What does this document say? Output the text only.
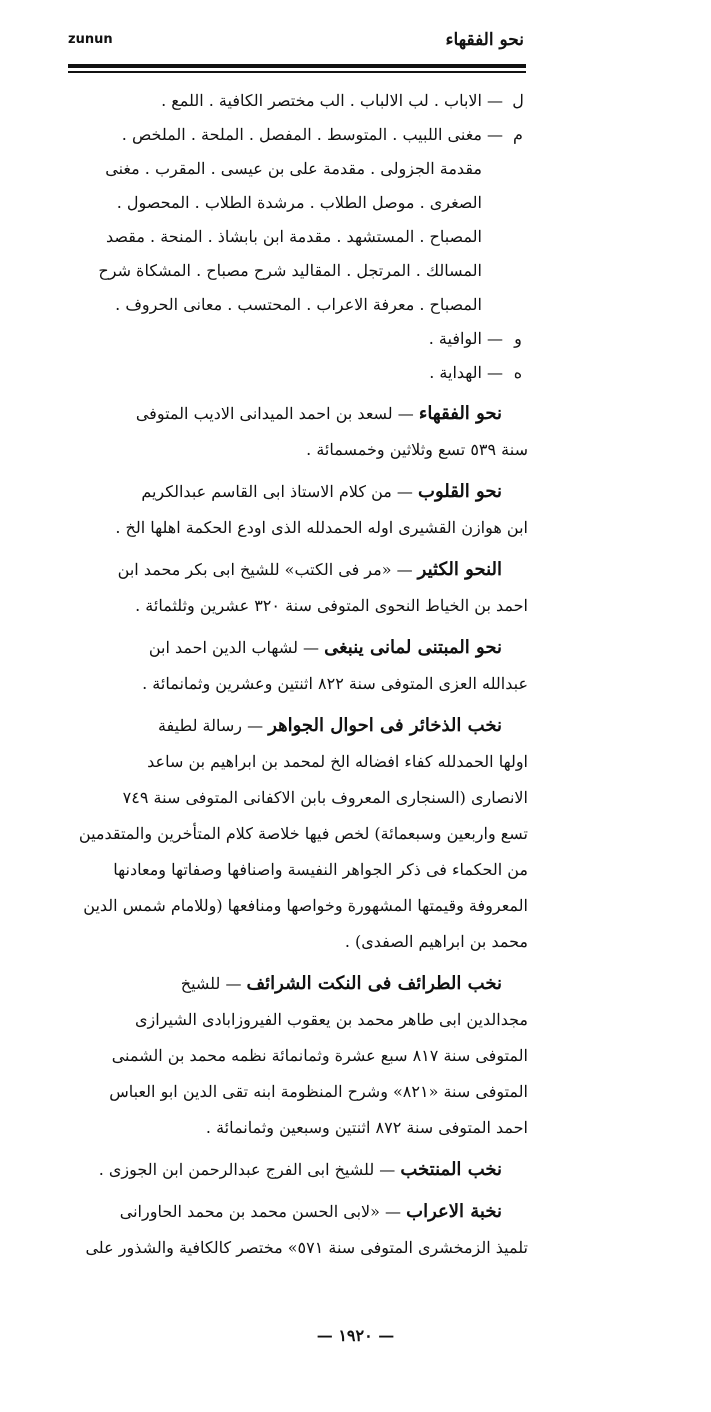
zunun	نحو الفقهاء
ل
—
الاباب . لب الالباب . الب مختصر الكافية . اللمع .
م
—
مغنى اللبيب . المتوسط . المفصل . الملحة . الملخص .
مقدمة الجزولى . مقدمة على بن عيسى . المقرب . مغنى
الصغرى . موصل الطلاب . مرشدة الطلاب . المحصول .
المصباح . المستشهد . مقدمة ابن بابشاذ . المنحة . مقصد
المسالك . المرتجل . المقاليد شرح مصباح . المشكاة شرح
المصباح . معرفة الاعراب . المحتسب . معانى الحروف .
و
—
الوافية .
ه
—
الهداية .

نحو الفقهاء — لسعد بن احمد الميدانى الاديب المتوفى

سنة ٥٣٩ تسع وثلاثين وخمسمائة .

نحو القلوب — من كلام الاستاذ ابى القاسم عبدالكريم

ابن هوازن القشيرى اوله الحمدلله الذى اودع الحكمة اهلها الخ .

النحو الكثير — «مر فى الكتب» للشيخ ابى بكر محمد ابن

احمد بن الخياط النحوى المتوفى سنة ٣٢٠ عشرين وثلثمائة .

نحو المبتنى لمانى ينبغى — لشهاب الدين احمد ابن

عبدالله العزى المتوفى سنة ٨٢٢ اثنتين وعشرين وثمانمائة .

نخب الذخائر فى احوال الجواهر — رسالة لطيفة

اولها الحمدلله كفاء افضاله الخ لمحمد بن ابراهيم بن ساعد

الانصارى (السنجارى المعروف بابن الاكفانى المتوفى سنة ٧٤٩

تسع واربعين وسبعمائة) لخص فيها خلاصة كلام المتأخرين والمتقدمين

من الحكماء فى ذكر الجواهر النفيسة واصنافها وصفاتها ومعادنها

المعروفة وقيمتها المشهورة وخواصها ومنافعها (وللامام شمس الدين

محمد بن ابراهيم الصفدى) .

نخب الطرائف فى النكت الشرائف — للشيخ

مجدالدين ابى طاهر محمد بن يعقوب الفيروزابادى الشيرازى

المتوفى سنة ٨١٧ سبع عشرة وثمانمائة نظمه محمد بن الشمنى

المتوفى سنة «٨٢١» وشرح المنظومة ابنه تقى الدين ابو العباس

احمد المتوفى سنة ٨٧٢ اثنتين وسبعين وثمانمائة .

نخب المنتخب — للشيخ ابى الفرج عبدالرحمن ابن الجوزى .

نخبة الاعراب — «لابى الحسن محمد بن محمد الحاورانى

تلميذ الزمخشرى المتوفى سنة ٥٧١» مختصر كالكافية والشذور على

— ١٩٢٠ —
